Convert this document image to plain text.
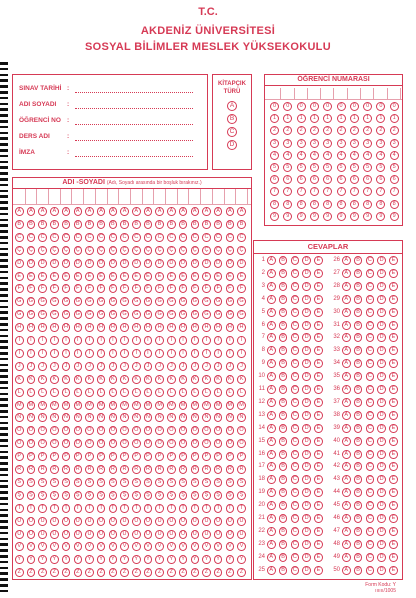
T.C.
AKDENİZ ÜNİVERSİTESİ
SOSYAL BİLİMLER MESLEK YÜKSEKOKULU
SINAV TARİHİ :
ADI SOYADI :
ÖĞRENCİ NO :
DERS ADI	:
İMZA	:
KİTAPÇIK
TÜRÜ
A
B
C
D
ÖĞRENCİ NUMARASI
0	0	0	0	0	0	0	0	0	0
1	1	1	1	1	1	1	1	1	1
2	2	2	2	2	2	2	2	2	2
3	3	3	3	3	3	3	3	3	3
4	4	4	4	4	4	4	4	4	4
5	5	5	5	5	5	5	5	5	5
6	6	6	6	6	6	6	6	6	6
7	7	7	7	7	7	7	7	7	7
8	8	8	8	8	8	8	8	8	8
9	9	9	9	9	9	9	9	9	9
ADI -SOYADI (Adı, Soyadı arasında bir boşluk bırakınız.)
A	A	A	A	A	A	A	A	A	A	A	A	A	A	A	A	A	A	A	A
B	B	B	B	B	B	B	B	B	B	B	B	B	B	B	B	B	B	B	B
C	C	C	C	C	C	C	C	C	C	C	C	C	C	C	C	C	C	C	C
Ç	Ç	Ç	Ç	Ç	Ç	Ç	Ç	Ç	Ç	Ç	Ç	Ç	Ç	Ç	Ç	Ç	Ç	Ç	Ç
D	D	D	D	D	D	D	D	D	D	D	D	D	D	D	D	D	D	D	D
E	E	E	E	E	E	E	E	E	E	E	E	E	E	E	E	E	E	E	E
F	F	F	F	F	F	F	F	F	F	F	F	F	F	F	F	F	F	F	F
G	G	G	G	G	G	G	G	G	G	G	G	G	G	G	G	G	G	G	G
Ğ	Ğ	Ğ	Ğ	Ğ	Ğ	Ğ	Ğ	Ğ	Ğ	Ğ	Ğ	Ğ	Ğ	Ğ	Ğ	Ğ	Ğ	Ğ	Ğ
H	H	H	H	H	H	H	H	H	H	H	H	H	H	H	H	H	H	H	H
I	I	I	I	I	I	I	I	I	I	I	I	I	I	I	I	I	I	I	I
İ	İ	İ	İ	İ	İ	İ	İ	İ	İ	İ	İ	İ	İ	İ	İ	İ	İ	İ	İ
J	J	J	J	J	J	J	J	J	J	J	J	J	J	J	J	J	J	J	J
K	K	K	K	K	K	K	K	K	K	K	K	K	K	K	K	K	K	K	K
L	L	L	L	L	L	L	L	L	L	L	L	L	L	L	L	L	L	L	L
M	M	M	M	M	M	M	M	M	M	M	M	M	M	M	M	M	M	M	M
N	N	N	N	N	N	N	N	N	N	N	N	N	N	N	N	N	N	N	N
O	O	O	O	O	O	O	O	O	O	O	O	O	O	O	O	O	O	O	O
Ö	Ö	Ö	Ö	Ö	Ö	Ö	Ö	Ö	Ö	Ö	Ö	Ö	Ö	Ö	Ö	Ö	Ö	Ö	Ö
P	P	P	P	P	P	P	P	P	P	P	P	P	P	P	P	P	P	P	P
R	R	R	R	R	R	R	R	R	R	R	R	R	R	R	R	R	R	R	R
S	S	S	S	S	S	S	S	S	S	S	S	S	S	S	S	S	S	S	S
Ş	Ş	Ş	Ş	Ş	Ş	Ş	Ş	Ş	Ş	Ş	Ş	Ş	Ş	Ş	Ş	Ş	Ş	Ş	Ş
T	T	T	T	T	T	T	T	T	T	T	T	T	T	T	T	T	T	T	T
U	U	U	U	U	U	U	U	U	U	U	U	U	U	U	U	U	U	U	U
Ü	Ü	Ü	Ü	Ü	Ü	Ü	Ü	Ü	Ü	Ü	Ü	Ü	Ü	Ü	Ü	Ü	Ü	Ü	Ü
V	V	V	V	V	V	V	V	V	V	V	V	V	V	V	V	V	V	V	V
Y	Y	Y	Y	Y	Y	Y	Y	Y	Y	Y	Y	Y	Y	Y	Y	Y	Y	Y	Y
Z	Z	Z	Z	Z	Z	Z	Z	Z	Z	Z	Z	Z	Z	Z	Z	Z	Z	Z	Z
CEVAPLAR
1 A	B	C	D	E	26 A	B	C	D	E
2 A	B	C	D	E	27 A	B	C	D	E
3 A	B	C	D	E	28 A	B	C	D	E
4 A	B	C	D	E	29 A	B	C	D	E
5 A	B	C	D	E	30 A	B	C	D	E
6 A	B	C	D	E	31 A	B	C	D	E
7 A	B	C	D	E	32 A	B	C	D	E
8 A	B	C	D	E	33 A	B	C	D	E
9 A	B	C	D	E	34 A	B	C	D	E
10 A	B	C	D	E	35 A	B	C	D	E
11 A	B	C	D	E	36 A	B	C	D	E
12 A	B	C	D	E	37 A	B	C	D	E
13 A	B	C	D	E	38 A	B	C	D	E
14 A	B	C	D	E	39 A	B	C	D	E
15 A	B	C	D	E	40 A	B	C	D	E
16 A	B	C	D	E	41 A	B	C	D	E
17 A	B	C	D	E	42 A	B	C	D	E
18 A	B	C	D	E	43 A	B	C	D	E
19 A	B	C	D	E	44 A	B	C	D	E
20 A	B	C	D	E	45 A	B	C	D	E
21 A	B	C	D	E	46 A	B	C	D	E
22 A	B	C	D	E	47 A	B	C	D	E
23 A	B	C	D	E	48 A	B	C	D	E
24 A	B	C	D	E	49 A	B	C	D	E
25 A	B	C	D	E	50 A	B	C	D	E
Form Kodu: Y
ıııııı/1005
